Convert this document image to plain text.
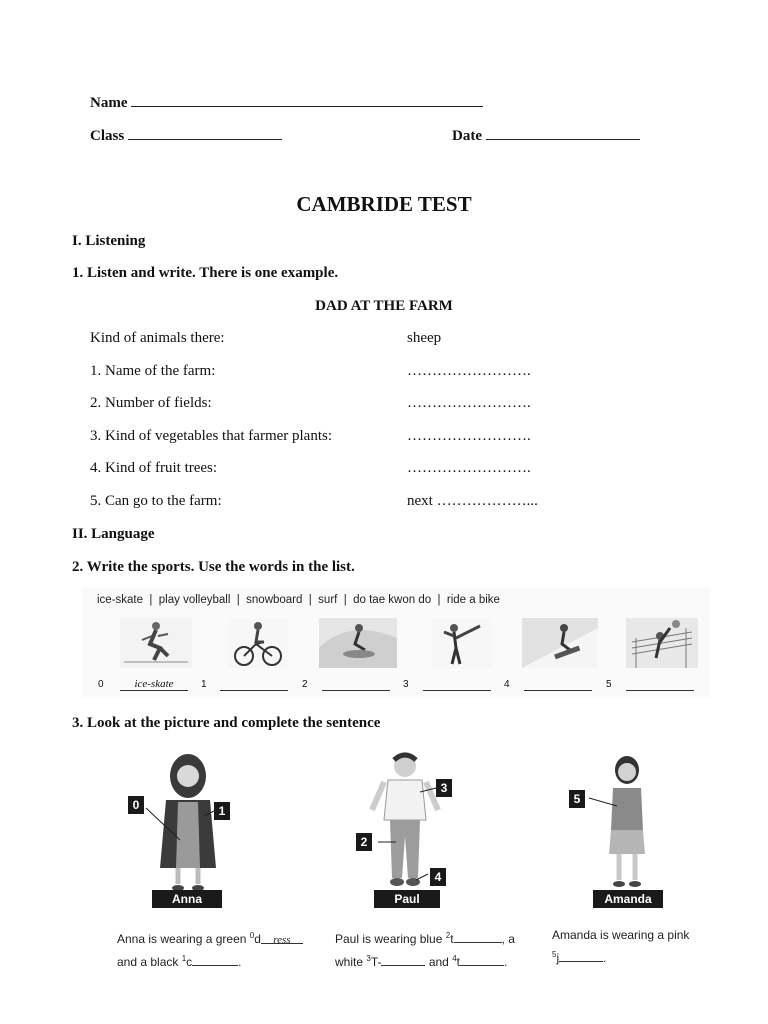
Name
Class	Date
CAMBRIDE TEST
I. Listening
1. Listen and write. There is one example.
DAD AT THE FARM
Kind of animals there:	sheep
1. Name of the farm:	…………………….
2. Number of fields:	…………………….
3. Kind of vegetables that farmer plants:	…………………….
4. Kind of fruit trees:	…………………….
5. Can go to the farm:	next ………………...
II. Language
2. Write the sports. Use the words in the list.
ice-skate  |  play volleyball  |  snowboard  |  surf  |  do tae kwon do  |  ride a bike
0	ice-skate	1	2	3	4	5
3. Look at the picture and complete the sentence
0	1
Anna
3
2
4
Paul
5
Amanda
Anna is wearing a green $^0$d ress
and a black $^1$c	.
Paul is wearing blue $^2$t	, a
white $^3$T-	and $^4$t	.
Amanda is wearing a pink
$^5$j	.
